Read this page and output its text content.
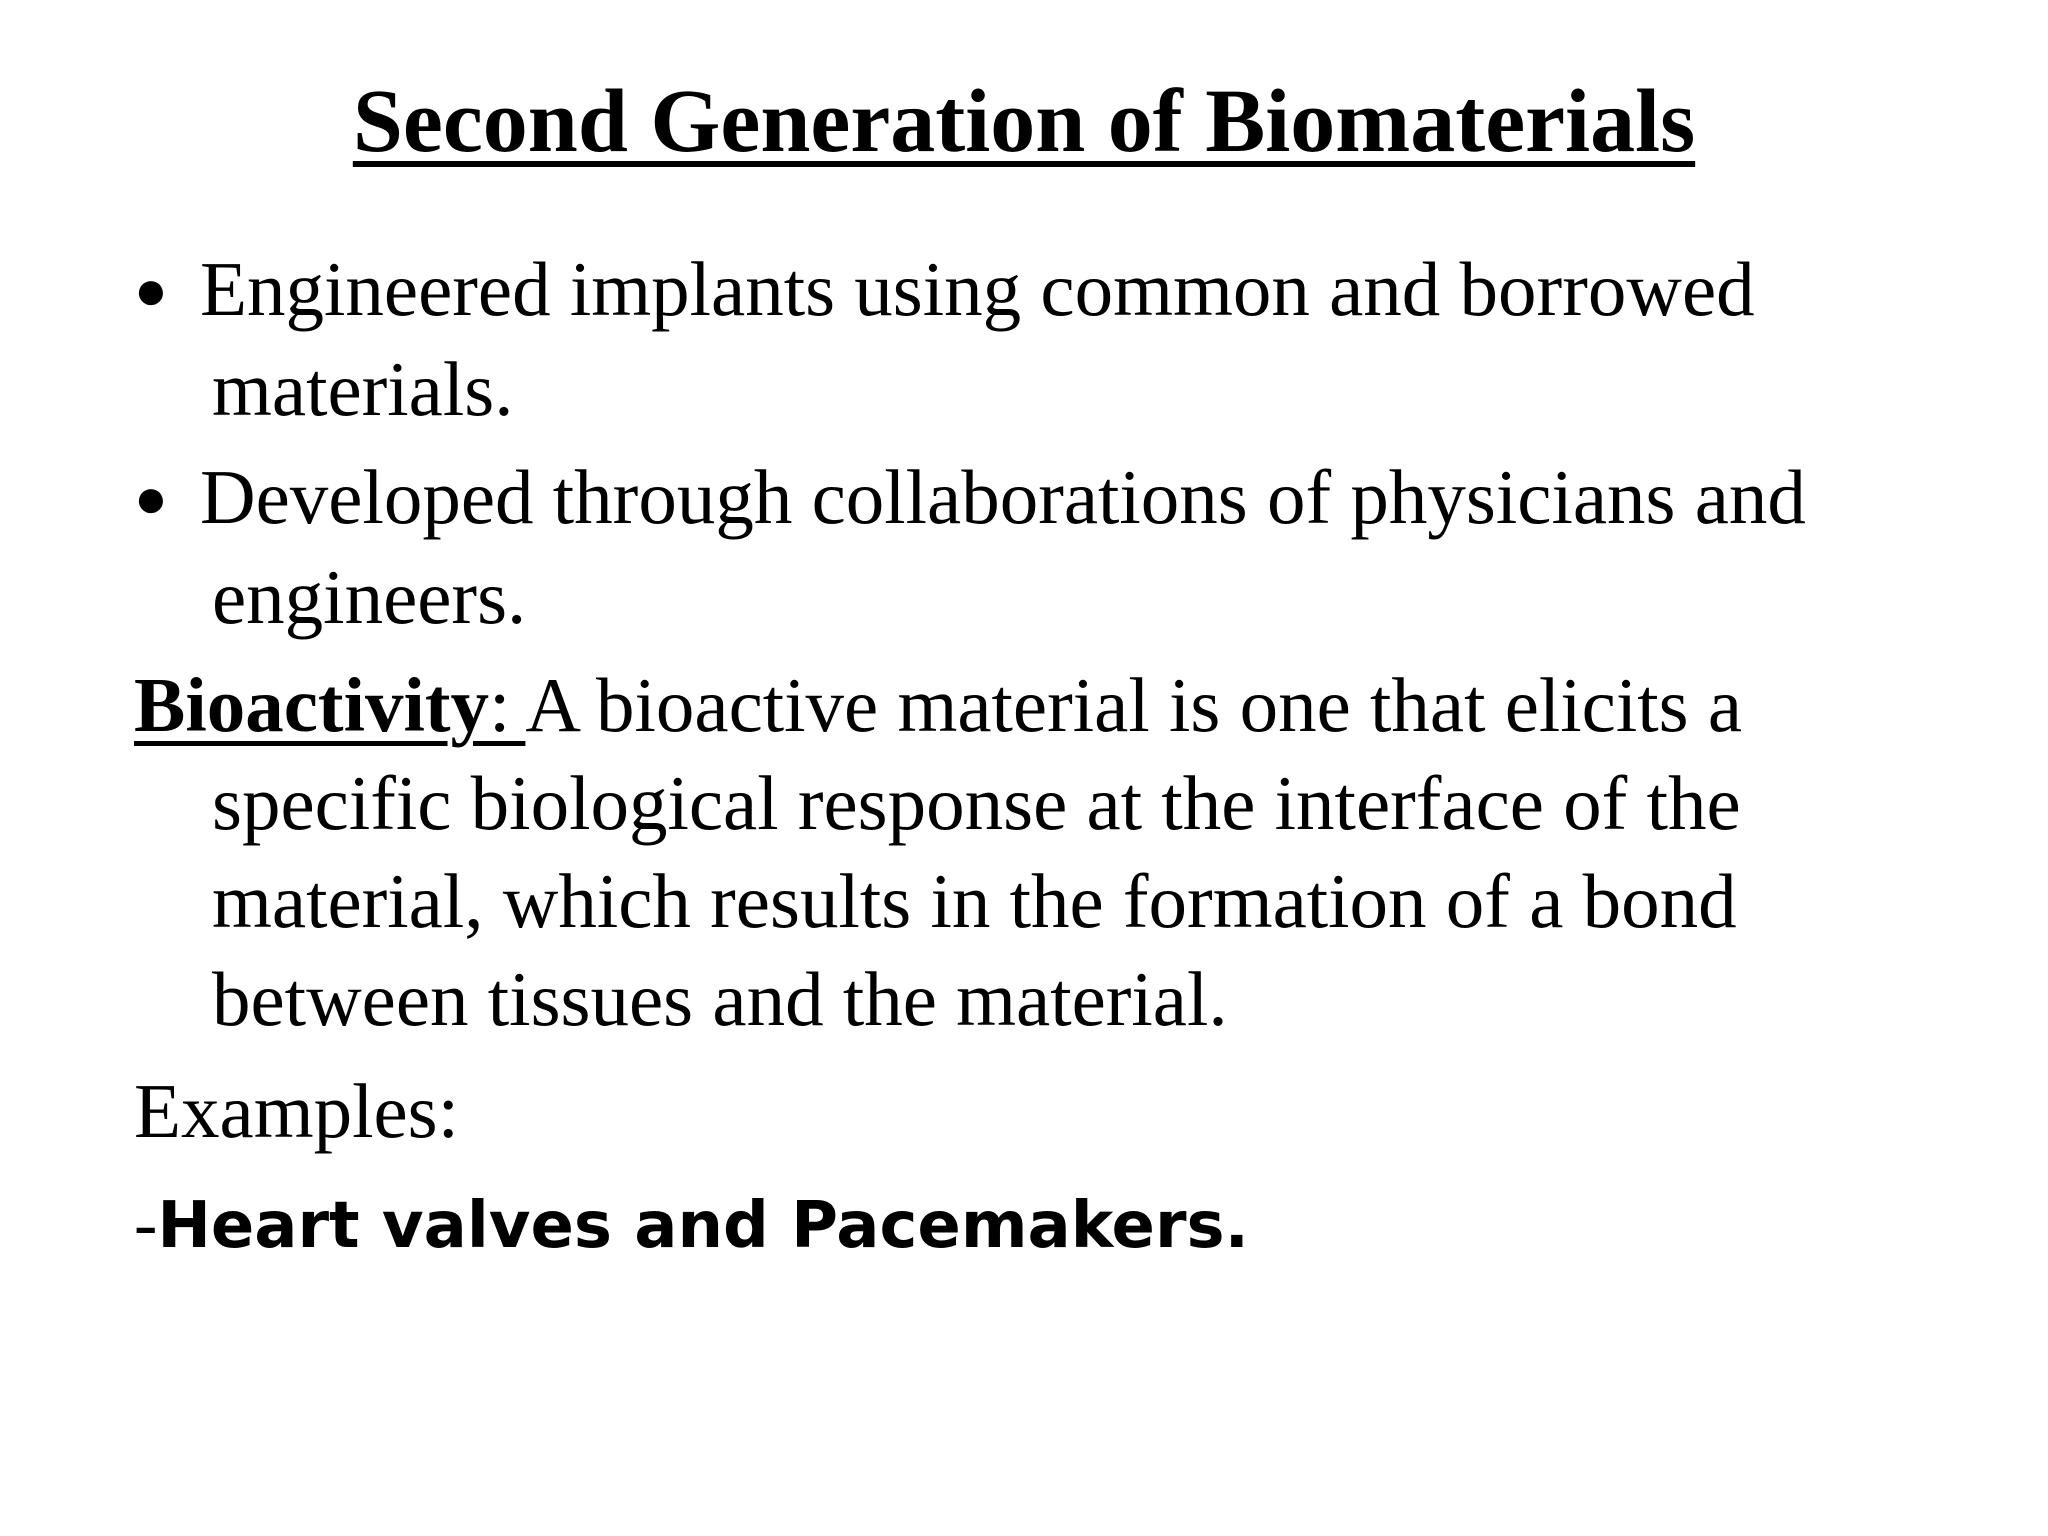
Second Generation of Biomaterials

● Engineered implants using common and borrowed materials.

● Developed through collaborations of physicians and engineers.

Bioactivity: A bioactive material is one that elicits a specific biological response at the interface of the material, which results in the formation of a bond between tissues and the material.

Examples:

-Heart valves and Pacemakers.
